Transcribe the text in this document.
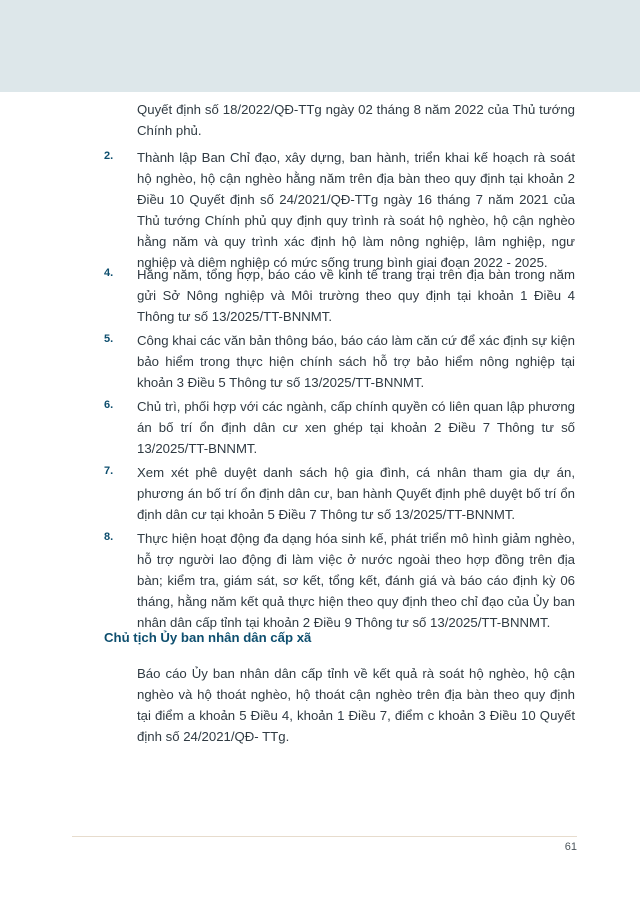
Quyết định số 18/2022/QĐ-TTg ngày 02 tháng 8 năm 2022 của Thủ tướng Chính phủ.
2. Thành lập Ban Chỉ đạo, xây dựng, ban hành, triển khai kế hoạch rà soát hộ nghèo, hộ cận nghèo hằng năm trên địa bàn theo quy định tại khoản 2 Điều 10 Quyết định số 24/2021/QĐ-TTg ngày 16 tháng 7 năm 2021 của Thủ tướng Chính phủ quy định quy trình rà soát hộ nghèo, hộ cận nghèo hằng năm và quy trình xác định hộ làm nông nghiệp, lâm nghiệp, ngư nghiệp và diêm nghiệp có mức sống trung bình giai đoạn 2022 - 2025.
4. Hằng năm, tổng hợp, báo cáo về kinh tế trang trại trên địa bàn trong năm gửi Sở Nông nghiệp và Môi trường theo quy định tại khoản 1 Điều 4 Thông tư số 13/2025/TT-BNNMT.
5. Công khai các văn bản thông báo, báo cáo làm căn cứ để xác định sự kiện bảo hiểm trong thực hiện chính sách hỗ trợ bảo hiểm nông nghiệp tại khoản 3 Điều 5 Thông tư số 13/2025/TT-BNNMT.
6. Chủ trì, phối hợp với các ngành, cấp chính quyền có liên quan lập phương án bố trí ổn định dân cư xen ghép tại khoản 2 Điều 7 Thông tư số 13/2025/TT-BNNMT.
7. Xem xét phê duyệt danh sách hộ gia đình, cá nhân tham gia dự án, phương án bố trí ổn định dân cư, ban hành Quyết định phê duyệt bố trí ổn định dân cư tại khoản 5 Điều 7 Thông tư số 13/2025/TT-BNNMT.
8. Thực hiện hoạt động đa dạng hóa sinh kế, phát triển mô hình giảm nghèo, hỗ trợ người lao động đi làm việc ở nước ngoài theo hợp đồng trên địa bàn; kiểm tra, giám sát, sơ kết, tổng kết, đánh giá và báo cáo định kỳ 06 tháng, hằng năm kết quả thực hiện theo quy định theo chỉ đạo của Ủy ban nhân dân cấp tỉnh tại khoản 2 Điều 9 Thông tư số 13/2025/TT-BNNMT.
Chủ tịch Ủy ban nhân dân cấp xã
Báo cáo Ủy ban nhân dân cấp tỉnh về kết quả rà soát hộ nghèo, hộ cận nghèo và hộ thoát nghèo, hộ thoát cận nghèo trên địa bàn theo quy định tại điểm a khoản 5 Điều 4, khoản 1 Điều 7, điểm c khoản 3 Điều 10 Quyết định số 24/2021/QĐ- TTg.
61
